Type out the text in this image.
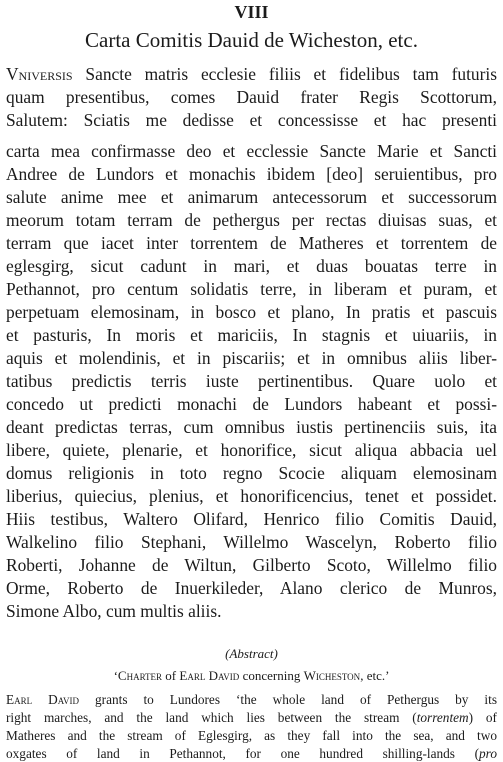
VIII
Carta Comitis Dauid de Wicheston, etc.
Vniversis Sancte matris ecclesie filiis et fidelibus tam futuris
quam presentibus, comes Dauid frater Regis Scottorum,
Salutem: Sciatis me dedisse et concessisse et hac presenti
carta mea confirmasse deo et ecclessie Sancte Marie et Sancti
Andree de Lundors et monachis ibidem [deo] seruientibus, pro
salute anime mee et animarum antecessorum et successorum
meorum totam terram de pethergus per rectas diuisas suas, et
terram que iacet inter torrentem de Matheres et torrentem de
eglesgirg, sicut cadunt in mari, et duas bouatas terre in
Pethannot, pro centum solidatis terre, in liberam et puram, et
perpetuam elemosinam, in bosco et plano, In pratis et pascuis
et pasturis, In moris et mariciis, In stagnis et uiuariis, in
aquis et molendinis, et in piscariis; et in omnibus aliis liber-
tatibus predictis terris iuste pertinentibus. Quare uolo et
concedo ut predicti monachi de Lundors habeant et possi-
deant predictas terras, cum omnibus iustis pertinenciis suis, ita
libere, quiete, plenarie, et honorifice, sicut aliqua abbacia uel
domus religionis in toto regno Scocie aliquam elemosinam
liberius, quiecius, plenius, et honorificencius, tenet et possidet.
Hiis testibus, Waltero Olifard, Henrico filio Comitis Dauid,
Walkelino filio Stephani, Willelmo Wascelyn, Roberto filio
Roberti, Johanne de Wiltun, Gilberto Scoto, Willelmo filio
Orme, Roberto de Inuerkileder, Alano clerico de Munros,
Simone Albo, cum multis aliis.
(Abstract)
‘Charter of Earl David concerning Wicheston, etc.’
Earl David grants to Lundores ‘the whole land of Pethergus by its
right marches, and the land which lies between the stream (torrentem) of
Matheres and the stream of Eglesgirg, as they fall into the sea, and two
oxgates of land in Pethannot, for one hundred shilling-lands (pro
